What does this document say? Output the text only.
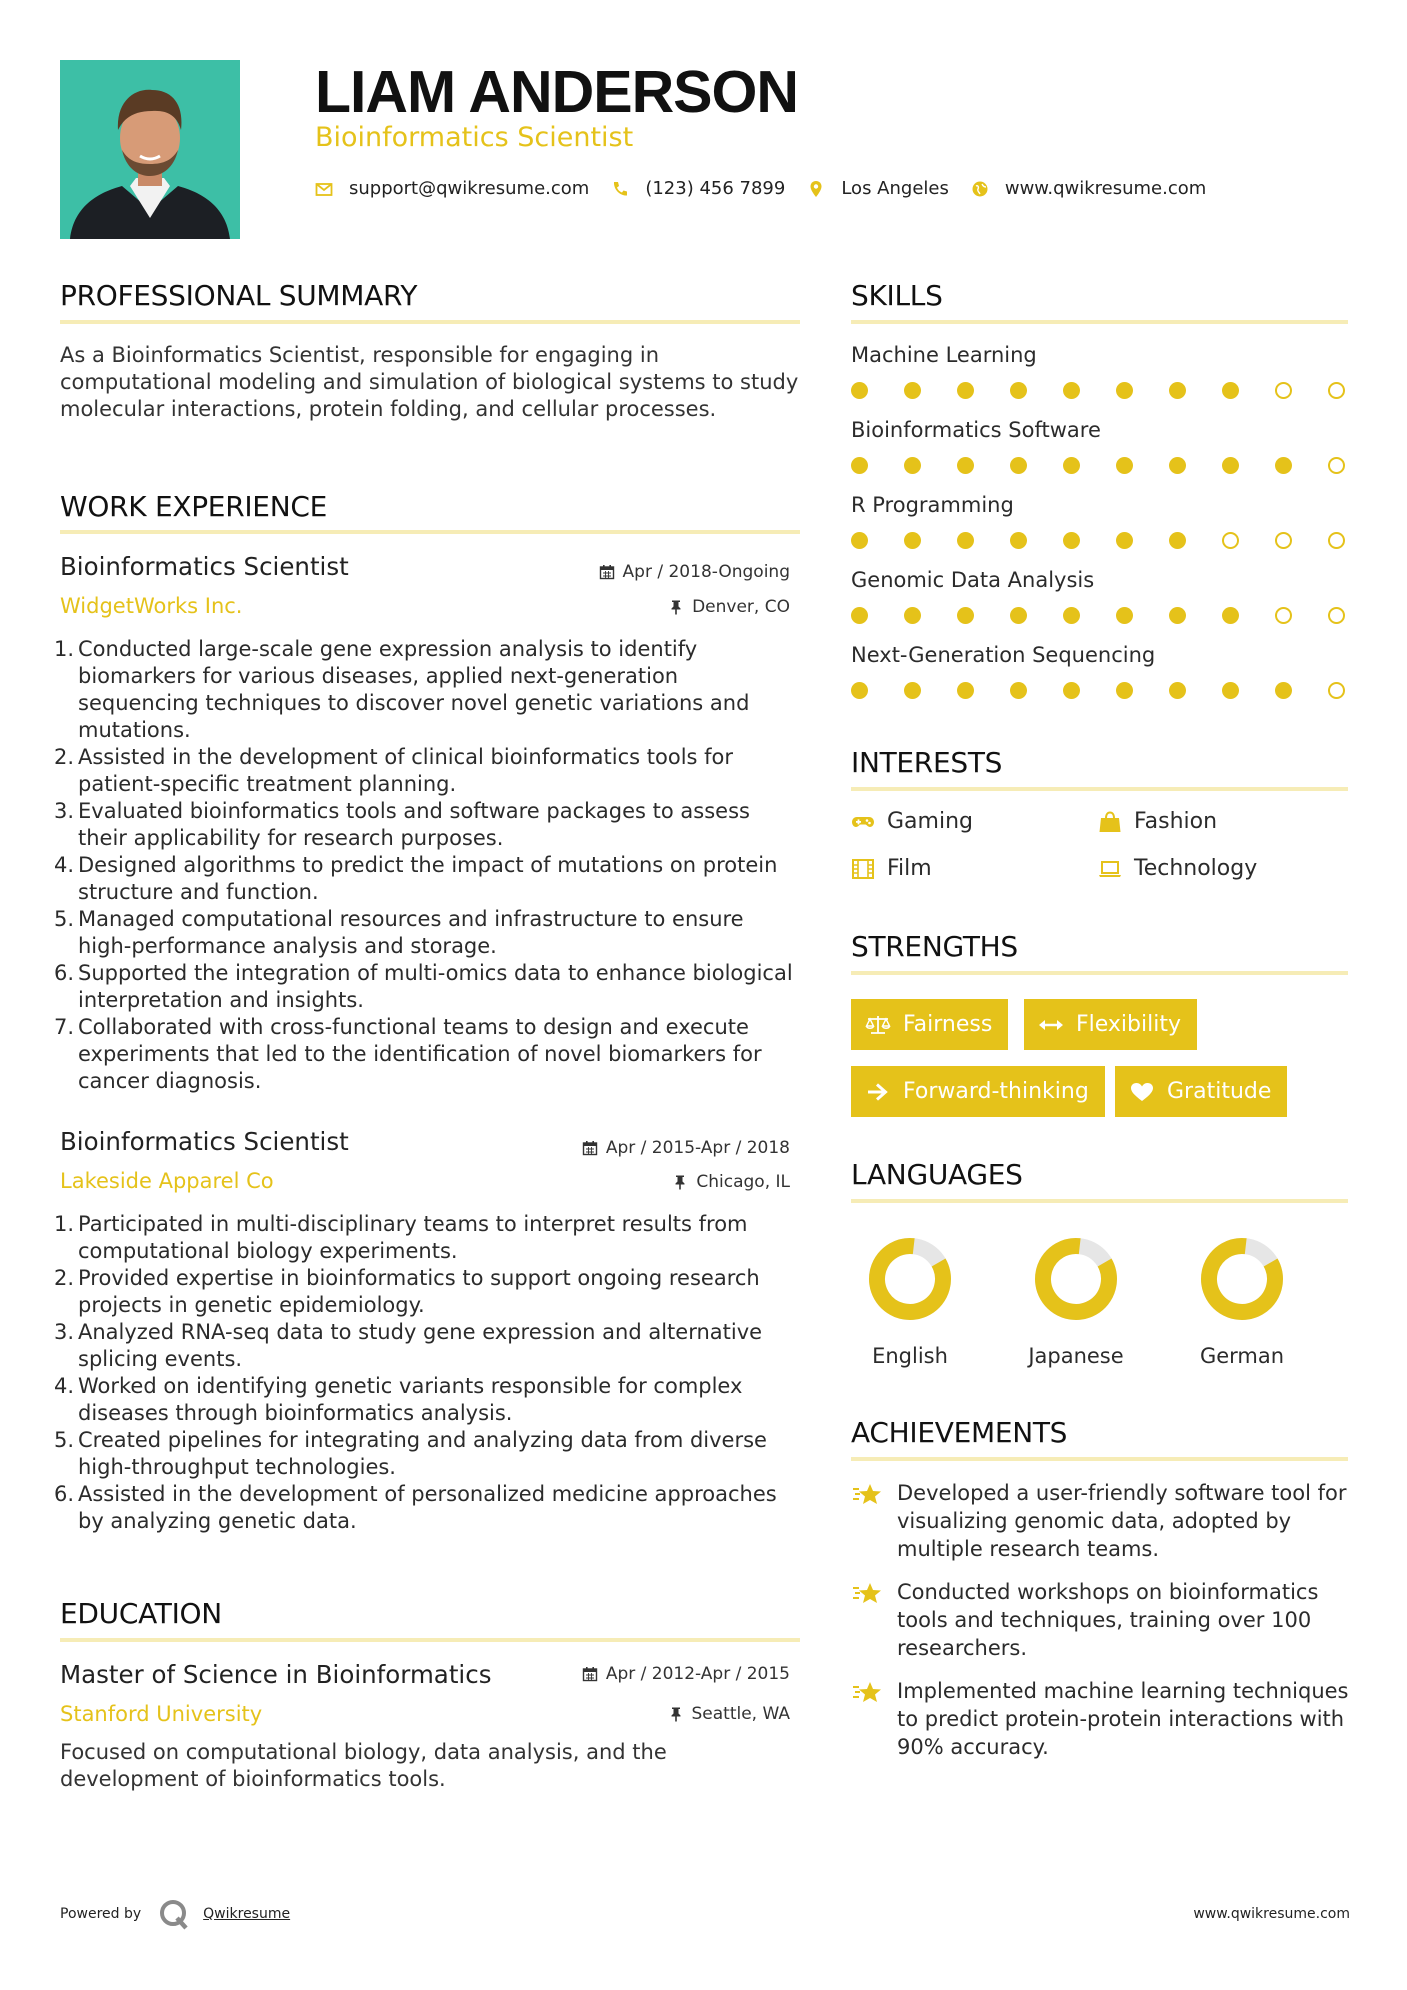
LIAM ANDERSON
Bioinformatics Scientist
support@qwikresume.com	(123) 456 7899	Los Angeles	www.qwikresume.com
PROFESSIONAL SUMMARY
As a Bioinformatics Scientist, responsible for engaging in computational modeling and simulation of biological systems to study molecular interactions, protein folding, and cellular processes.
WORK EXPERIENCE
Bioinformatics Scientist	Apr / 2018-Ongoing
WidgetWorks Inc.	Denver, CO
1. Conducted large-scale gene expression analysis to identify biomarkers for various diseases, applied next-generation sequencing techniques to discover novel genetic variations and mutations.
2. Assisted in the development of clinical bioinformatics tools for patient-specific treatment planning.
3. Evaluated bioinformatics tools and software packages to assess their applicability for research purposes.
4. Designed algorithms to predict the impact of mutations on protein structure and function.
5. Managed computational resources and infrastructure to ensure high-performance analysis and storage.
6. Supported the integration of multi-omics data to enhance biological interpretation and insights.
7. Collaborated with cross-functional teams to design and execute experiments that led to the identification of novel biomarkers for cancer diagnosis.
Bioinformatics Scientist	Apr / 2015-Apr / 2018
Lakeside Apparel Co	Chicago, IL
1. Participated in multi-disciplinary teams to interpret results from computational biology experiments.
2. Provided expertise in bioinformatics to support ongoing research projects in genetic epidemiology.
3. Analyzed RNA-seq data to study gene expression and alternative splicing events.
4. Worked on identifying genetic variants responsible for complex diseases through bioinformatics analysis.
5. Created pipelines for integrating and analyzing data from diverse high-throughput technologies.
6. Assisted in the development of personalized medicine approaches by analyzing genetic data.
EDUCATION
Master of Science in Bioinformatics	Apr / 2012-Apr / 2015
Stanford University	Seattle, WA
Focused on computational biology, data analysis, and the development of bioinformatics tools.
SKILLS
Machine Learning
Bioinformatics Software
R Programming
Genomic Data Analysis
Next-Generation Sequencing
INTERESTS
Gaming	Fashion
Film	Technology
STRENGTHS
Fairness	Flexibility
Forward-thinking	Gratitude
LANGUAGES
English	Japanese	German
ACHIEVEMENTS
Developed a user-friendly software tool for visualizing genomic data, adopted by multiple research teams.
Conducted workshops on bioinformatics tools and techniques, training over 100 researchers.
Implemented machine learning techniques to predict protein-protein interactions with 90% accuracy.
Powered by	Qwikresume	www.qwikresume.com
